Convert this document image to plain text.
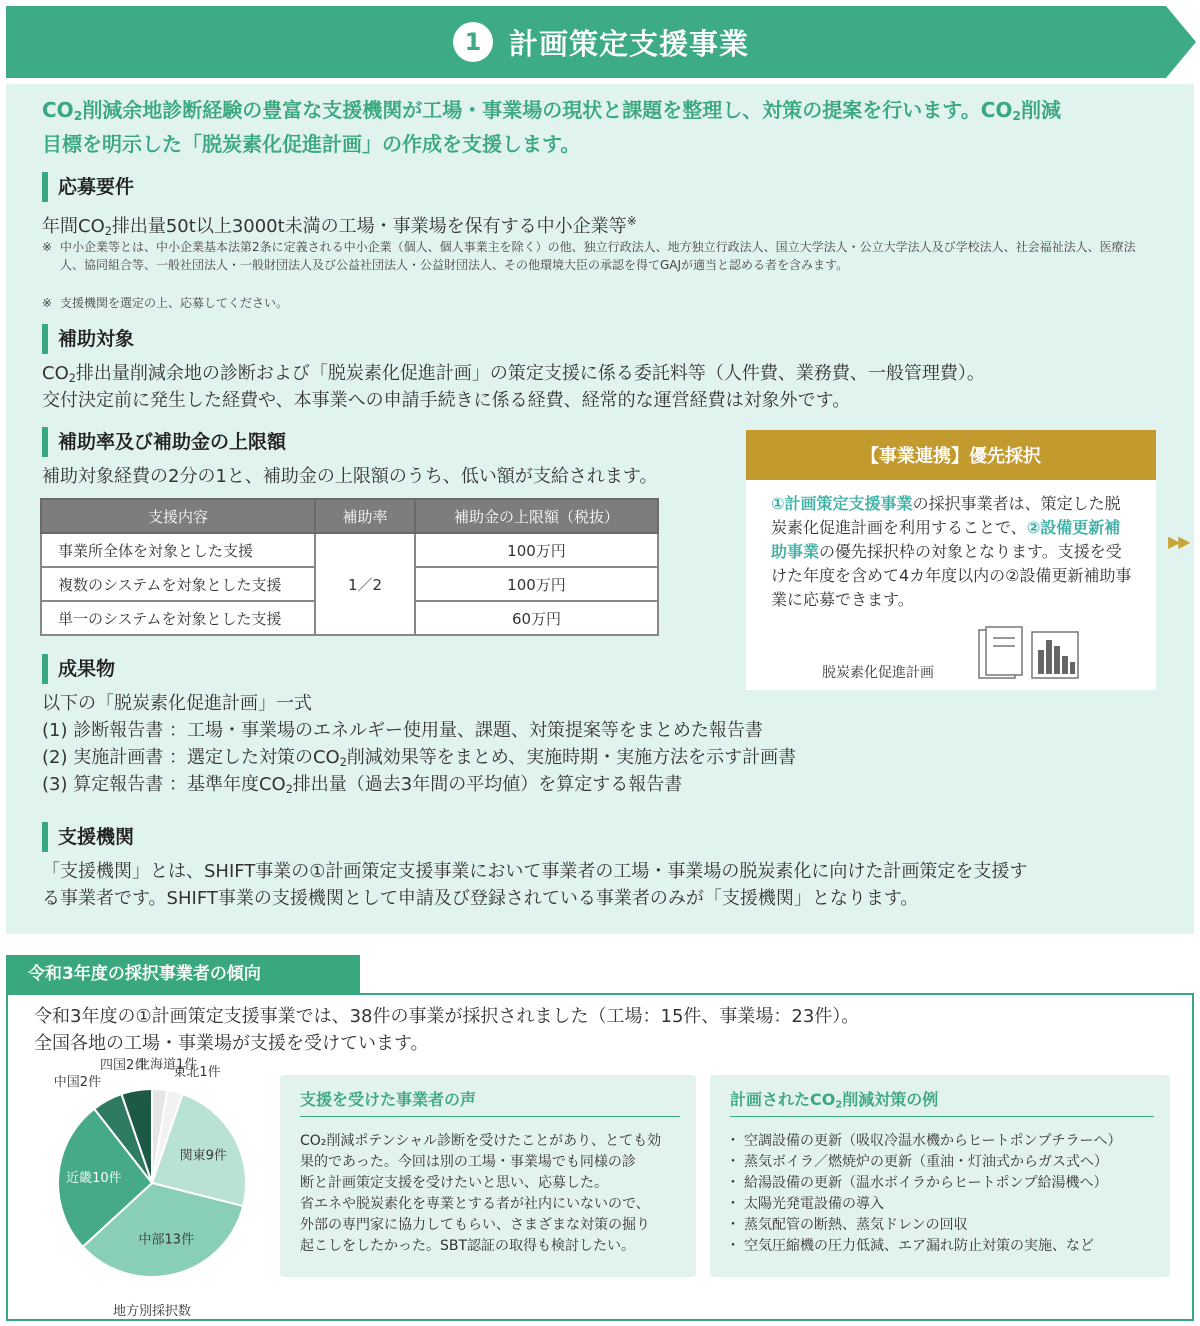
1 計画策定支援事業
$CO_2$削減余地診断経験の豊富な支援機関が工場・事業場の現状と課題を整理し、対策の提案を行います。$CO_2$削減
目標を明示した「脱炭素化促進計画」の作成を支援します。
応募要件
年間$CO_2$排出量50t以上3000t未満の工場・事業場を保有する中小企業等※
※ 中小企業等とは、中小企業基本法第2条に定義される中小企業（個人、個人事業主を除く）の他、独立行政法人、地方独立行政法人、国立大学法人・公立大学法人及び学校法人、社会福祉法人、医療法人、協同組合等、一般社団法人・一般財団法人及び公益社団法人・公益財団法人、その他環境大臣の承認を得てGAJが適当と認める者を含みます。
※ 支援機関を選定の上、応募してください。
補助対象
$CO_2$排出量削減余地の診断および「脱炭素化促進計画」の策定支援に係る委託料等（人件費、業務費、一般管理費）。
交付決定前に発生した経費や、本事業への申請手続きに係る経費、経常的な運営経費は対象外です。
補助率及び補助金の上限額
補助対象経費の2分の1と、補助金の上限額のうち、低い額が支給されます。
支援内容	補助率	補助金の上限額（税抜）
事業所全体を対象とした支援	1／2	100万円
複数のシステムを対象とした支援		100万円
単一のシステムを対象とした支援		60万円
【事業連携】優先採択
①計画策定支援事業の採択事業者は、策定した脱炭素化促進計画を利用することで、②設備更新補助事業の優先採択枠の対象となります。支援を受けた年度を含めて4カ年度以内の②設備更新補助事業に応募できます。
脱炭素化促進計画
▶▶
成果物
以下の「脱炭素化促進計画」一式
(1) 診断報告書 ：工場・事業場のエネルギー使用量、課題、対策提案等をまとめた報告書
(2) 実施計画書 ：選定した対策の$CO_2$削減効果等をまとめ、実施時期・実施方法を示す計画書
(3) 算定報告書 ：基準年度$CO_2$排出量（過去3年間の平均値）を算定する報告書
支援機関
「支援機関」とは、SHIFT事業の①計画策定支援事業において事業者の工場・事業場の脱炭素化に向けた計画策定を支援す
る事業者です。SHIFT事業の支援機関として申請及び登録されている事業者のみが「支援機関」となります。
令和3年度の採択事業者の傾向
令和3年度の①計画策定支援事業では、38件の事業が採択されました（工場：15件、事業場：23件）。
全国各地の工場・事業場が支援を受けています。
北海道1件
東北1件
関東9件
中部13件
近畿10件
中国2件
四国2件
地方別採択数
支援を受けた事業者の声
CO₂削減ポテンシャル診断を受けたことがあり、とても効
果的であった。今回は別の工場・事業場でも同様の診
断と計画策定支援を受けたいと思い、応募した。
省エネや脱炭素化を専業とする者が社内にいないので、
外部の専門家に協力してもらい、さまざまな対策の掘り
起こしをしたかった。SBT認証の取得も検討したい。
計画された$CO_2$削減対策の例
・ 空調設備の更新（吸収冷温水機からヒートポンプチラーへ）
・ 蒸気ボイラ／燃焼炉の更新（重油・灯油式からガス式へ）
・ 給湯設備の更新（温水ボイラからヒートポンプ給湯機へ）
・ 太陽光発電設備の導入
・ 蒸気配管の断熱、蒸気ドレンの回収
・ 空気圧縮機の圧力低減、エア漏れ防止対策の実施、など
